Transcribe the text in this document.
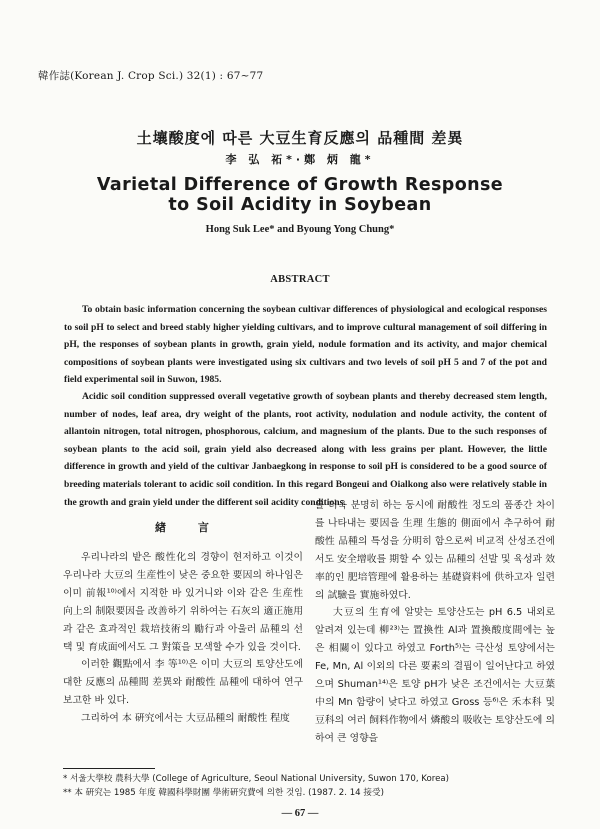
韓作誌(Korean J. Crop Sci.) 32(1) : 67~77
土壤酸度에 따른 大豆生育反應의 品種間 差異
李 弘 祏*·鄭 炳 龍*
Varietal Difference of Growth Response
to Soil Acidity in Soybean
Hong Suk Lee* and Byoung Yong Chung*
ABSTRACT

To obtain basic information concerning the soybean cultivar differences of physiological and ecological responses to soil pH to select and breed stably higher yielding cultivars, and to improve cultural management of soil differing in pH, the responses of soybean plants in growth, grain yield, nodule formation and its activity, and major chemical compositions of soybean plants were investigated using six cultivars and two levels of soil pH 5 and 7 of the pot and field experimental soil in Suwon, 1985.

Acidic soil condition suppressed overall vegetative growth of soybean plants and thereby decreased stem length, number of nodes, leaf area, dry weight of the plants, root activity, nodulation and nodule activity, the content of allantoin nitrogen, total nitrogen, phosphorous, calcium, and magnesium of the plants. Due to the such responses of soybean plants to the acid soil, grain yield also decreased along with less grains per plant. However, the little difference in growth and yield of the cultivar Janbaegkong in response to soil pH is considered to be a good source of breeding materials tolerant to acidic soil condition. In this regard Bongeui and Oialkong also were relatively stable in the growth and grain yield under the different soil acidity conditions.

緖 言

우리나라의 밭은 酸性化의 경향이 현저하고 이것이 우리나라 大豆의 生産性이 낮은 중요한 要因의 하나임은 이미 前報¹⁰⁾에서 지적한 바 있거니와 이와 같은 生産性 向上의 制限要因을 改善하기 위하여는 石灰의 適正施用과 같은 효과적인 栽培技術의 勵行과 아울러 品種의 선택 및 育成面에서도 그 對策을 모색할 수가 있을 것이다.

이러한 觀點에서 李 等¹⁰⁾은 이미 大豆의 토양산도에 대한 反應의 品種間 差異와 耐酸性 品種에 대하여 연구 보고한 바 있다.

그리하여 本 硏究에서는 大豆品種의 耐酸性 程度

를 더욱 분명히 하는 동시에 耐酸性 정도의 품종간 차이를 나타내는 要因을 生理 生態的 側面에서 추구하여 耐酸性 品種의 특성을 分明히 함으로써 비교적 산성조건에서도 安全增收를 期할 수 있는 品種의 선발 및 육성과 效率的인 肥培管理에 활용하는 基礎資料에 供하고자 일련의 試驗을 實施하였다.

大豆의 生育에 알맞는 토양산도는 pH 6.5 내외로 알려져 있는데 柳²³⁾는 置換性 Al과 置換酸度間에는 높은 相關이 있다고 하였고 Forth⁵⁾는 극산성 토양에서는 Fe, Mn, Al 이외의 다른 要素의 결핍이 일어난다고 하였으며 Shuman¹⁴⁾은 토양 pH가 낮은 조건에서는 大豆葉中의 Mn 함량이 낮다고 하였고 Gross 등⁶⁾은 禾本科 및 豆科의 여러 飼料作物에서 燐酸의 吸收는 토양산도에 의하여 큰 영향을

* 서울大學校 農科大學 (College of Agriculture, Seoul National University, Suwon 170, Korea)
** 本 硏究는 1985 年度 韓國科學財團 學術硏究費에 의한 것임. (1987. 2. 14 接受)
— 67 —
